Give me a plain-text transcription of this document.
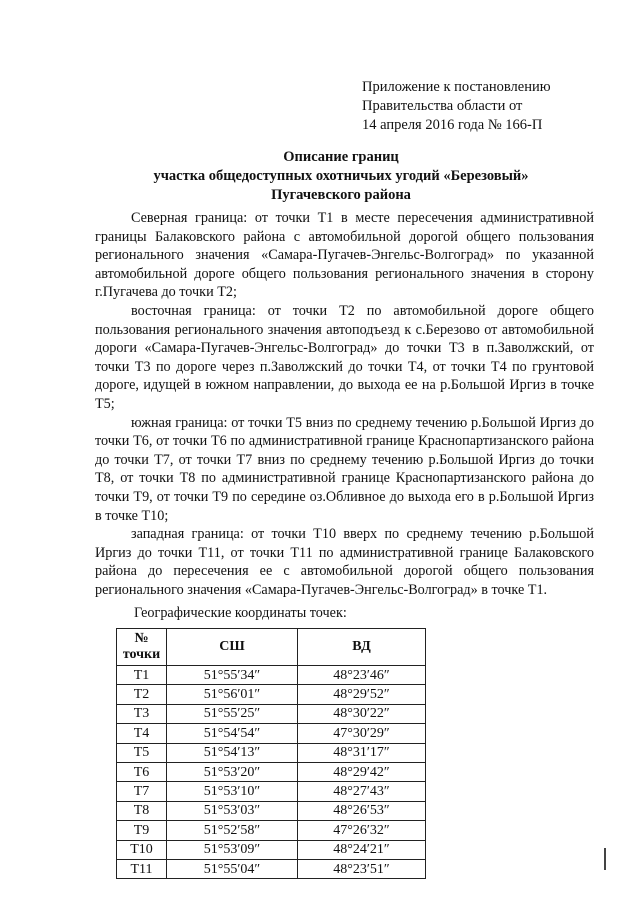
Приложение к постановлению
Правительства области от
14 апреля 2016 года № 166-П
Описание границ
участка общедоступных охотничьих угодий «Березовый»
Пугачевского района

Северная граница: от точки Т1 в месте пересечения административной границы Балаковского района с автомобильной дорогой общего пользования регионального значения «Самара-Пугачев-Энгельс-Волгоград» по указанной автомобильной дороге общего пользования регионального значения в сторону г.Пугачева до точки Т2;

восточная граница: от точки Т2 по автомобильной дороге общего пользования регионального значения автоподъезд к с.Березово от автомобильной дороги «Самара-Пугачев-Энгельс-Волгоград» до точки Т3 в п.Заволжский, от точки Т3 по дороге через п.Заволжский до точки Т4, от точки Т4 по грунтовой дороге, идущей в южном направлении, до выхода ее на р.Большой Иргиз в точке Т5;

южная граница: от точки Т5 вниз по среднему течению р.Большой Иргиз до точки Т6, от точки Т6 по административной границе Краснопартизанского района до точки Т7, от точки Т7 вниз по среднему течению р.Большой Иргиз до точки Т8, от точки Т8 по административной границе Краснопартизанского района до точки Т9, от точки Т9 по середине оз.Обливное до выхода его в р.Большой Иргиз в точке Т10;

западная граница: от точки Т10 вверх по среднему течению р.Большой Иргиз до точки Т11, от точки Т11 по административной границе Балаковского района до пересечения ее с автомобильной дорогой общего пользования регионального значения «Самара-Пугачев-Энгельс-Волгоград» в точке Т1.

Географические координаты точек:
№
точки	СШ	ВД
Т1	51°55′34″	48°23′46″
Т2	51°56′01″	48°29′52″
Т3	51°55′25″	48°30′22″
Т4	51°54′54″	47°30′29″
Т5	51°54′13″	48°31′17″
Т6	51°53′20″	48°29′42″
Т7	51°53′10″	48°27′43″
Т8	51°53′03″	48°26′53″
Т9	51°52′58″	47°26′32″
Т10	51°53′09″	48°24′21″
Т11	51°55′04″	48°23′51″
